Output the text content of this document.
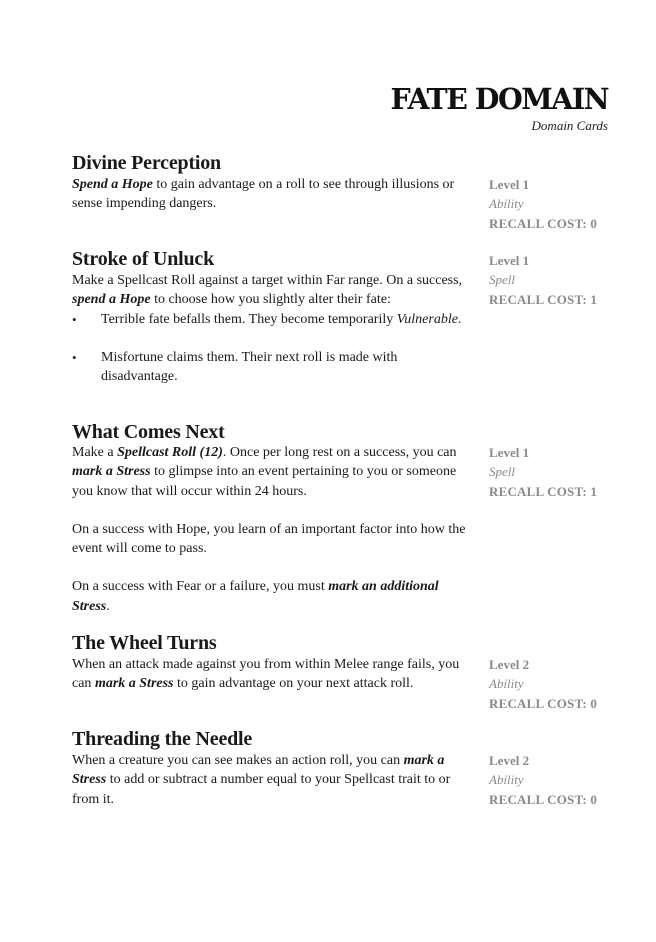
FATE DOMAIN
Domain Cards
Divine Perception

Spend a Hope to gain advantage on a roll to see through illusions or sense impending dangers.

Level 1
Ability
RECALL COST: 0
Stroke of Unluck

Make a Spellcast Roll against a target within Far range. On a success, spend a Hope to choose how you slightly alter their fate:

• Terrible fate befalls them. They become temporarily Vulnerable.
• Misfortune claims them. Their next roll is made with disadvantage.
Level 1
Spell
RECALL COST: 1
What Comes Next

Make a Spellcast Roll (12). Once per long rest on a success, you can mark a Stress to glimpse into an event pertaining to you or someone you know that will occur within 24 hours.

On a success with Hope, you learn of an important factor into how the event will come to pass.

On a success with Fear or a failure, you must mark an additional Stress.

Level 1
Spell
RECALL COST: 1
The Wheel Turns

When an attack made against you from within Melee range fails, you can mark a Stress to gain advantage on your next attack roll.

Level 2
Ability
RECALL COST: 0
Threading the Needle

When a creature you can see makes an action roll, you can mark a Stress to add or subtract a number equal to your Spellcast trait to or from it.

Level 2
Ability
RECALL COST: 0
